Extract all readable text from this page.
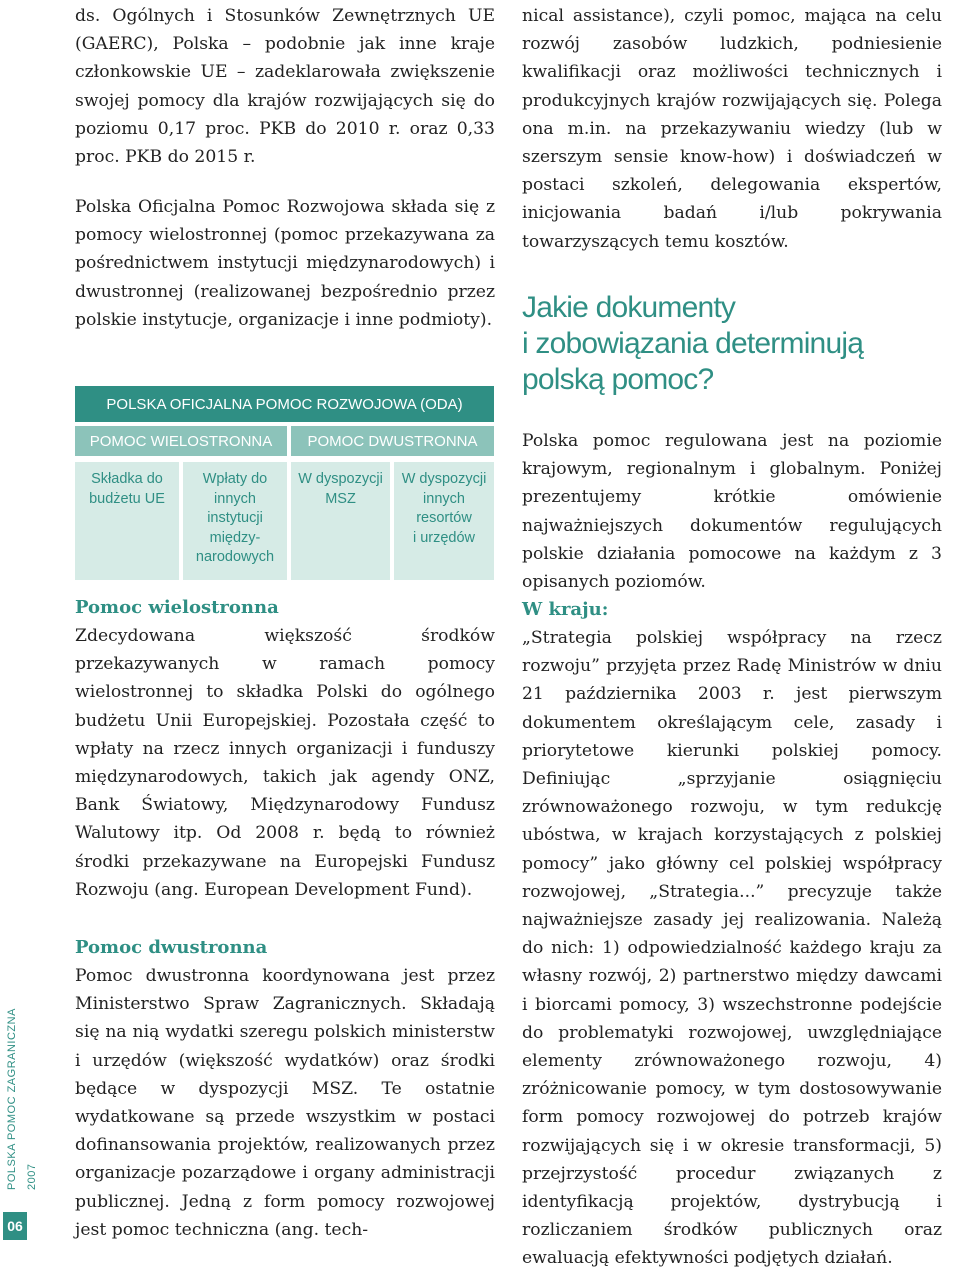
POLSKA POMOC ZAGRANICZNA 2007
06

ds. Ogólnych i Stosunków Zewnętrznych UE (GAERC), Polska – podobnie jak inne kraje członkowskie UE – zadeklarowała zwiększenie swojej pomocy dla krajów rozwijających się do poziomu 0,17 proc. PKB do 2010 r. oraz 0,33 proc. PKB do 2015 r.

Polska Oficjalna Pomoc Rozwojowa składa się z pomocy wielostronnej (pomoc przekazywana za pośrednictwem instytucji międzynarodowych) i dwustronnej (realizowanej bezpośrednio przez polskie instytucje, organizacje i inne podmioty).

POLSKA OFICJALNA POMOC ROZWOJOWA (ODA)
POMOC WIELOSTRONNA	POMOC DWUSTRONNA
Składka do
budżetu UE
Wpłaty do
innych
instytucji
między-
narodowych
W dyspozycji
MSZ
W dyspozycji
innych
resortów
i urzędów

Pomoc wielostronna

Zdecydowana większość środków przekazywanych w ramach pomocy wielostronnej to składka Polski do ogólnego budżetu Unii Europejskiej. Pozostała część to wpłaty na rzecz innych organizacji i funduszy międzynarodowych, takich jak agendy ONZ, Bank Światowy, Międzynarodowy Fundusz Walutowy itp. Od 2008 r. będą to również środki przekazywane na Europejski Fundusz Rozwoju (ang. European Development Fund).

Pomoc dwustronna

Pomoc dwustronna koordynowana jest przez Ministerstwo Spraw Zagranicznych. Składają się na nią wydatki szeregu polskich ministerstw i urzędów (większość wydatków) oraz środki będące w dyspozycji MSZ. Te ostatnie wydatkowane są przede wszystkim w postaci dofinansowania projektów, realizowanych przez organizacje pozarządowe i organy administracji publicznej. Jedną z form pomocy rozwojowej jest pomoc techniczna (ang. tech-

nical assistance), czyli pomoc, mająca na celu rozwój zasobów ludzkich, podniesienie kwalifikacji oraz możliwości technicznych i produkcyjnych krajów rozwijających się. Polega ona m.in. na przekazywaniu wiedzy (lub w szerszym sensie know-how) i doświadczeń w postaci szkoleń, delegowania ekspertów, inicjowania badań i/lub pokrywania towarzyszących temu kosztów.

Jakie dokumenty
i zobowiązania determinują
polską pomoc?

Polska pomoc regulowana jest na poziomie krajowym, regionalnym i globalnym. Poniżej prezentujemy krótkie omówienie najważniejszych dokumentów regulujących polskie działania pomocowe na każdym z 3 opisanych poziomów.

W kraju:

„Strategia polskiej współpracy na rzecz rozwoju” przyjęta przez Radę Ministrów w dniu 21 października 2003 r. jest pierwszym dokumentem określającym cele, zasady i priorytetowe kierunki polskiej pomocy. Definiując „sprzyjanie osiągnięciu zrównoważonego rozwoju, w tym redukcję ubóstwa, w krajach korzystających z polskiej pomocy” jako główny cel polskiej współpracy rozwojowej, „Strategia...” precyzuje także najważniejsze zasady jej realizowania. Należą do nich: 1) odpowiedzialność każdego kraju za własny rozwój, 2) partnerstwo między dawcami i biorcami pomocy, 3) wszechstronne podejście do problematyki rozwojowej, uwzględniające elementy zrównoważonego rozwoju, 4) zróżnicowanie pomocy, w tym dostosowywanie form pomocy rozwojowej do potrzeb krajów rozwijających się i w okresie transformacji, 5) przejrzystość procedur związanych z identyfikacją projektów, dystrybucją i rozliczaniem środków publicznych oraz ewaluacją efektywności podjętych działań.
